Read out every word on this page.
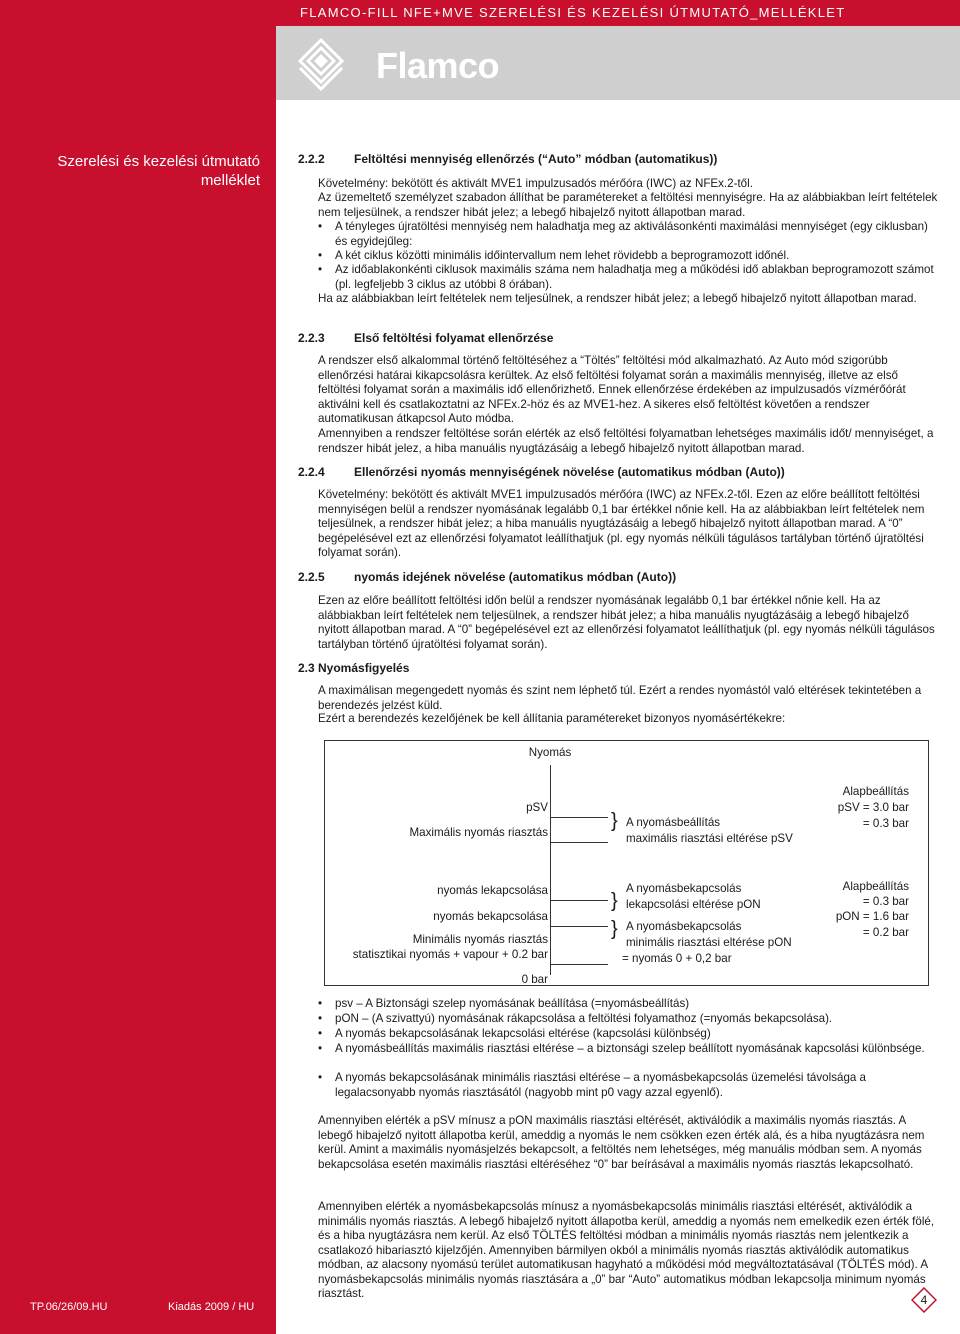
FLAMCO-FILL NFE+MVE SZERELÉSI ÉS KEZELÉSI ÚTMUTATÓ_MELLÉKLET
Flamco
Szerelési és kezelési útmutató
melléklet
TP.06/26/09.HU	Kiadás 2009 / HU
2.2.2 Feltöltési mennyiség ellenőrzés (“Auto” módban (automatikus))

Követelmény: bekötött és aktivált MVE1 impulzusadós mérőóra (IWC) az NFEx.2-től.

Az üzemeltető személyzet szabadon állíthat be paramétereket a feltöltési mennyiségre. Ha az alábbiakban leírt feltételek nem teljesülnek, a rendszer hibát jelez; a lebegő hibajelző nyitott állapotban marad.

• A tényleges újratöltési mennyiség nem haladhatja meg az aktiválásonkénti maximálási mennyiséget (egy ciklusban) és egyidejűleg:

• A két ciklus közötti minimális időintervallum nem lehet rövidebb a beprogramozott időnél.

• Az időablakonkénti ciklusok maximális száma nem haladhatja meg a működési idő ablakban beprogramozott számot (pl. legfeljebb 3 ciklus az utóbbi 8 órában).

Ha az alábbiakban leírt feltételek nem teljesülnek, a rendszer hibát jelez; a lebegő hibajelző nyitott állapotban marad.

2.2.3 Első feltöltési folyamat ellenőrzése

A rendszer első alkalommal történő feltöltéséhez a “Töltés” feltöltési mód alkalmazható. Az Auto mód szigorúbb ellenőrzési határai kikapcsolásra kerültek. Az első feltöltési folyamat során a maximális mennyiség, illetve az első feltöltési folyamat során a maximális idő ellenőrizhető. Ennek ellenőrzése érdekében az impulzusadós vízmérőórát aktiválni kell és csatlakoztatni az NFEx.2-höz és az MVE1-hez. A sikeres első feltöltést követően a rendszer automatikusan átkapcsol Auto módba.

Amennyiben a rendszer feltöltése során elérték az első feltöltési folyamatban lehetséges maximális időt/ mennyiséget, a rendszer hibát jelez, a hiba manuális nyugtázásáig a lebegő hibajelző nyitott állapotban marad.

2.2.4 Ellenőrzési nyomás mennyiségének növelése (automatikus módban (Auto))

Követelmény: bekötött és aktivált MVE1 impulzusadós mérőóra (IWC) az NFEx.2-től. Ezen az előre beállított feltöltési mennyiségen belül a rendszer nyomásának legalább 0,1 bar értékkel nőnie kell. Ha az alábbiakban leírt feltételek nem teljesülnek, a rendszer hibát jelez; a hiba manuális nyugtázásáig a lebegő hibajelző nyitott állapotban marad. A “0” begépelésével ezt az ellenőrzési folyamatot leállíthatjuk (pl. egy nyomás nélküli tágulásos tartályban történő újratöltési folyamat során).

2.2.5 nyomás idejének növelése (automatikus módban (Auto))

Ezen az előre beállított feltöltési időn belül a rendszer nyomásának legalább 0,1 bar értékkel nőnie kell. Ha az alábbiakban leírt feltételek nem teljesülnek, a rendszer hibát jelez; a hiba manuális nyugtázásáig a lebegő hibajelző nyitott állapotban marad. A “0” begépelésével ezt az ellenőrzési folyamatot leállíthatjuk (pl. egy nyomás nélküli tágulásos tartályban történő újratöltési folyamat során).

2.3 Nyomásfigyelés

A maximálisan megengedett nyomás és szint nem léphető túl. Ezért a rendes nyomástól való eltérések tekintetében a berendezés jelzést küld.

Ezért a berendezés kezelőjének be kell állítania paramétereket bizonyos nyomásértékekre:

Nyomás
pSV
Maximális nyomás riasztás
} A nyomásbeállítás
maximális riasztási eltérése pSV
Alapbeállítás
pSV = 3.0 bar
= 0.3 bar
nyomás lekapcsolása
nyomás bekapcsolása
Minimális nyomás riasztás
statisztikai nyomás + vapour + 0.2 bar
0 bar
}
A nyomásbekapcsolás
lekapcsolási eltérése pON
} A nyomásbekapcsolás
minimális riasztási eltérése pON
= nyomás 0 + 0,2 bar
Alapbeállítás
= 0.3 bar
pON = 1.6 bar
= 0.2 bar

• psv – A Biztonsági szelep nyomásának beállítása (=nyomásbeállítás)

• pON – (A szivattyú) nyomásának rákapcsolása a feltöltési folyamathoz (=nyomás bekapcsolása).

• A nyomás bekapcsolásának lekapcsolási eltérése (kapcsolási különbség)

• A nyomásbeállítás maximális riasztási eltérése – a biztonsági szelep beállított nyomásának kapcsolási különbsége.

• A nyomás bekapcsolásának minimális riasztási eltérése – a nyomásbekapcsolás üzemelési távolsága a legalacsonyabb nyomás riasztásától (nagyobb mint p0 vagy azzal egyenlő).

Amennyiben elérték a pSV mínusz a pON maximális riasztási eltérését, aktiválódik a maximális nyomás riasztás. A lebegő hibajelző nyitott állapotba kerül, ameddig a nyomás le nem csökken ezen érték alá, és a hiba nyugtázásra nem kerül. Amint a maximális nyomásjelzés bekapcsolt, a feltöltés nem lehetséges, még manuális módban sem. A nyomás bekapcsolása esetén maximális riasztási eltéréséhez “0” bar beírásával a maximális nyomás riasztás lekapcsolható.

Amennyiben elérték a nyomásbekapcsolás mínusz a nyomásbekapcsolás minimális riasztási eltérését, aktiválódik a minimális nyomás riasztás. A lebegő hibajelző nyitott állapotba kerül, ameddig a nyomás nem emelkedik ezen érték fölé, és a hiba nyugtázásra nem kerül. Az első TÖLTÉS feltöltési módban a minimális nyomás riasztás nem jelentkezik a csatlakozó hibariasztó kijelzőjén. Amennyiben bármilyen okból a minimális nyomás riasztás aktiválódik automatikus módban, az alacsony nyomású terület automatikusan hagyható a működési mód megváltoztatásával (TÖLTÉS mód). A nyomásbekapcsolás minimális nyomás riasztására a „0” bar “Auto” automatikus módban lekapcsolja minimum nyomás riasztást.	4
